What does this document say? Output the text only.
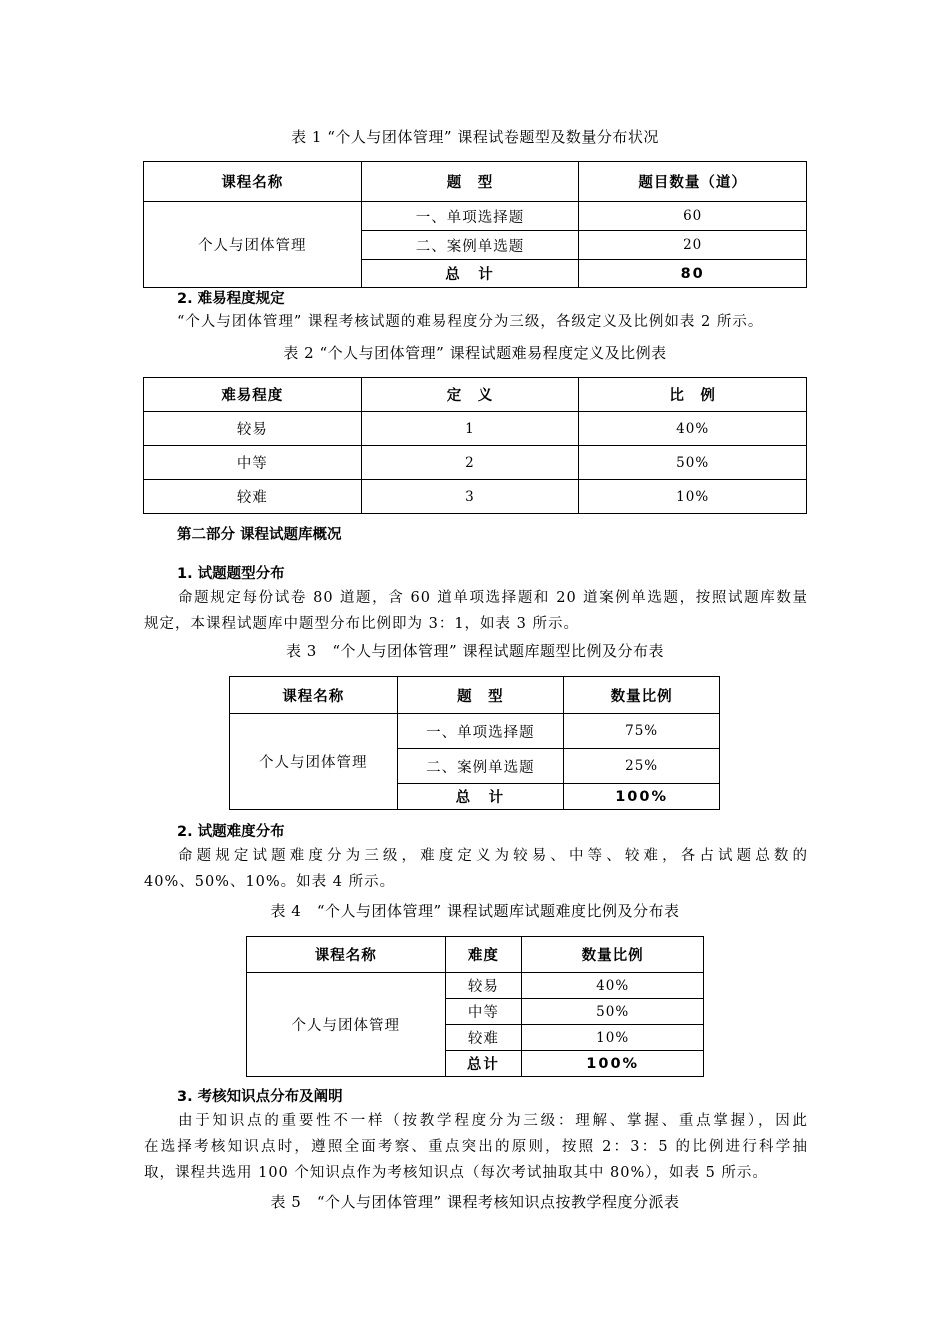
表 1 “个人与团体管理” 课程试卷题型及数量分布状况
课程名称	题　型	题目数量（道）
个人与团体管理	一、单项选择题	60
	二、案例单选题	20
	总　计	80
2. 难易程度规定
“个人与团体管理” 课程考核试题的难易程度分为三级，各级定义及比例如表 2 所示。
表 2 “个人与团体管理” 课程试题难易程度定义及比例表
难易程度	定　义	比　例
较易	1	40%
中等	2	50%
较难	3	10%
第二部分 课程试题库概况
1. 试题题型分布
命题规定每份试卷 80 道题，含 60 道单项选择题和 20 道案例单选题，按照试题库数量
规定，本课程试题库中题型分布比例即为 3：1，如表 3 所示。
表 3　“个人与团体管理” 课程试题库题型比例及分布表
课程名称	题　型	数量比例
个人与团体管理	一、单项选择题	75%
	二、案例单选题	25%
	总　计	100%
2. 试题难度分布
命题规定试题难度分为三级，难度定义为较易、中等、较难，各占试题总数的
40%、50%、10%。如表 4 所示。
表 4　“个人与团体管理” 课程试题库试题难度比例及分布表
课程名称	难度	数量比例
个人与团体管理	较易	40%
	中等	50%
	较难	10%
	总计	100%
3. 考核知识点分布及阐明
由于知识点的重要性不一样（按教学程度分为三级：理解、掌握、重点掌握），因此
在选择考核知识点时，遵照全面考察、重点突出的原则，按照 2：3：5 的比例进行科学抽
取，课程共选用 100 个知识点作为考核知识点（每次考试抽取其中 80%），如表 5 所示。
表 5　“个人与团体管理” 课程考核知识点按教学程度分派表
